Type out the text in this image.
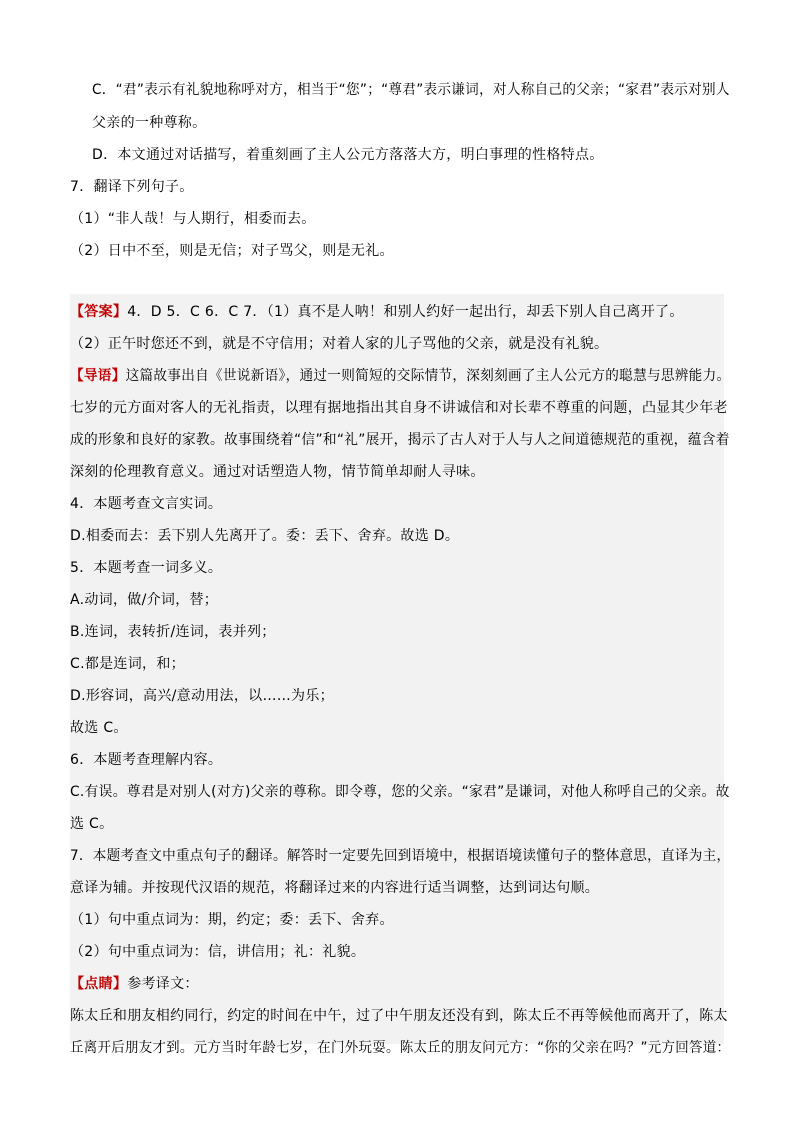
C．“君”表示有礼貌地称呼对方，相当于“您”；“尊君”表示谦词，对人称自己的父亲；“家君”表示对别人
父亲的一种尊称。
D．本文通过对话描写，着重刻画了主人公元方落落大方，明白事理的性格特点。
7．翻译下列句子。
（1）“非人哉！与人期行，相委而去。
（2）日中不至，则是无信；对子骂父，则是无礼。
【答案】4．D 5．C 6．C 7．（1）真不是人呐！和别人约好一起出行，却丢下别人自己离开了。
（2）正午时您还不到，就是不守信用；对着人家的儿子骂他的父亲，就是没有礼貌。
【导语】这篇故事出自《世说新语》，通过一则简短的交际情节，深刻刻画了主人公元方的聪慧与思辨能力。
七岁的元方面对客人的无礼指责，以理有据地指出其自身不讲诚信和对长辈不尊重的问题，凸显其少年老
成的形象和良好的家教。故事围绕着“信”和“礼”展开，揭示了古人对于人与人之间道德规范的重视，蕴含着
深刻的伦理教育意义。通过对话塑造人物，情节简单却耐人寻味。
4．本题考查文言实词。
D.相委而去：丢下别人先离开了。委：丢下、舍弃。故选 D。
5．本题考查一词多义。
A.动词，做/介词，替；
B.连词，表转折/连词，表并列；
C.都是连词，和；
D.形容词，高兴/意动用法，以……为乐；
故选 C。
6．本题考查理解内容。
C.有误。尊君是对别人(对方)父亲的尊称。即令尊，您的父亲。“家君”是谦词，对他人称呼自己的父亲。故
选 C。
7．本题考查文中重点句子的翻译。解答时一定要先回到语境中，根据语境读懂句子的整体意思，直译为主，
意译为辅。并按现代汉语的规范，将翻译过来的内容进行适当调整，达到词达句顺。
（1）句中重点词为：期，约定；委：丢下、舍弃。
（2）句中重点词为：信，讲信用；礼：礼貌。
【点睛】参考译文：
陈太丘和朋友相约同行，约定的时间在中午，过了中午朋友还没有到，陈太丘不再等候他而离开了，陈太
丘离开后朋友才到。元方当时年龄七岁，在门外玩耍。陈太丘的朋友问元方：“你的父亲在吗？”元方回答道：
